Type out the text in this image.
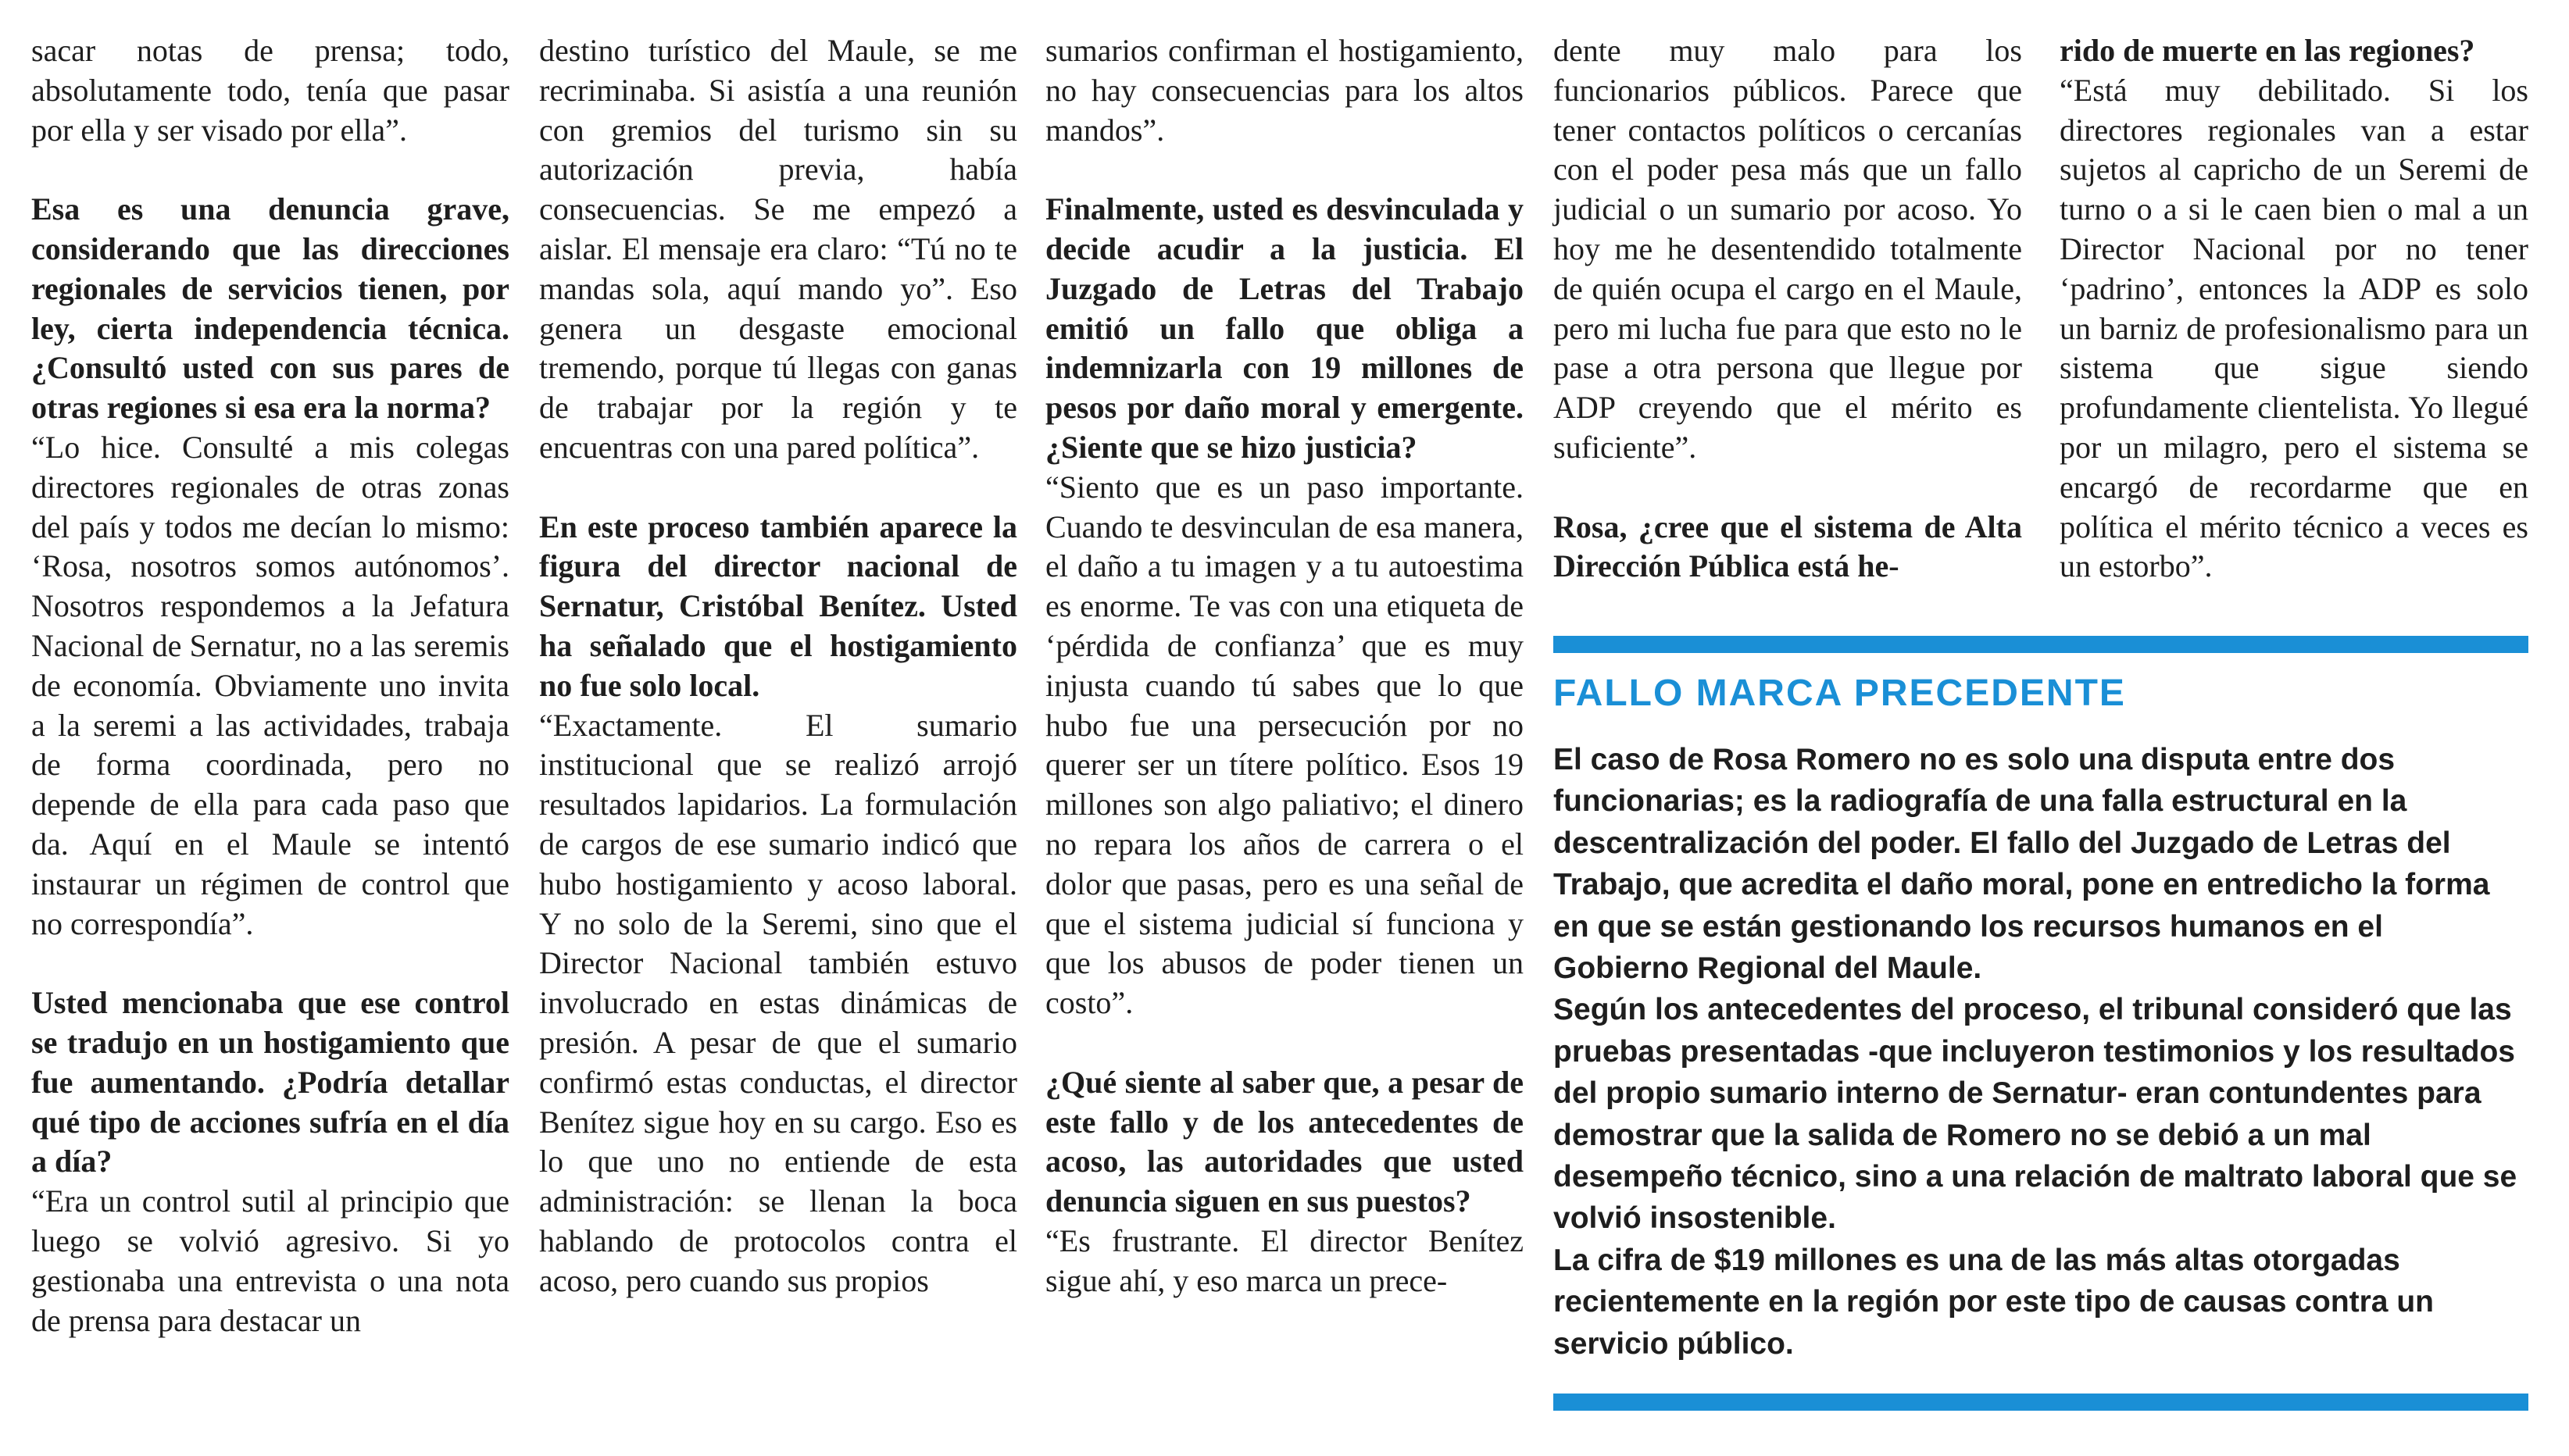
sacar notas de prensa; todo, absolutamente todo, tenía que pasar por ella y ser visado por ella”.

Esa es una denuncia grave, considerando que las direcciones regionales de servicios tienen, por ley, cierta independencia técnica. ¿Consultó usted con sus pares de otras regiones si esa era la norma?

“Lo hice. Consulté a mis colegas directores regionales de otras zonas del país y todos me decían lo mismo: ‘Rosa, nosotros somos autónomos’. Nosotros respondemos a la Jefatura Nacional de Sernatur, no a las seremis de economía. Obviamente uno invita a la seremi a las actividades, trabaja de forma coordinada, pero no depende de ella para cada paso que da. Aquí en el Maule se intentó instaurar un régimen de control que no correspondía”.

Usted mencionaba que ese control se tradujo en un hostigamiento que fue aumentando. ¿Podría detallar qué tipo de acciones sufría en el día a día?

“Era un control sutil al principio que luego se volvió agresivo. Si yo gestionaba una entrevista o una nota de prensa para destacar un

destino turístico del Maule, se me recriminaba. Si asistía a una reunión con gremios del turismo sin su autorización previa, había consecuencias. Se me empezó a aislar. El mensaje era claro: “Tú no te mandas sola, aquí mando yo”. Eso genera un desgaste emocional tremendo, porque tú llegas con ganas de trabajar por la región y te encuentras con una pared política”.

En este proceso también aparece la figura del director nacional de Sernatur, Cristóbal Benítez. Usted ha señalado que el hostigamiento no fue solo local.

“Exactamente. El sumario institucional que se realizó arrojó resultados lapidarios. La formulación de cargos de ese sumario indicó que hubo hostigamiento y acoso laboral. Y no solo de la Seremi, sino que el Director Nacional también estuvo involucrado en estas dinámicas de presión. A pesar de que el sumario confirmó estas conductas, el director Benítez sigue hoy en su cargo. Eso es lo que uno no entiende de esta administración: se llenan la boca hablando de protocolos contra el acoso, pero cuando sus propios

sumarios confirman el hostigamiento, no hay consecuencias para los altos mandos”.

Finalmente, usted es desvinculada y decide acudir a la justicia. El Juzgado de Letras del Trabajo emitió un fallo que obliga a indemnizarla con 19 millones de pesos por daño moral y emergente. ¿Siente que se hizo justicia?

“Siento que es un paso importante. Cuando te desvinculan de esa manera, el daño a tu imagen y a tu autoestima es enorme. Te vas con una etiqueta de ‘pérdida de confianza’ que es muy injusta cuando tú sabes que lo que hubo fue una persecución por no querer ser un títere político. Esos 19 millones son algo paliativo; el dinero no repara los años de carrera o el dolor que pasas, pero es una señal de que el sistema judicial sí funciona y que los abusos de poder tienen un costo”.

¿Qué siente al saber que, a pesar de este fallo y de los antecedentes de acoso, las autoridades que usted denuncia siguen en sus puestos?

“Es frustrante. El director Benítez sigue ahí, y eso marca un prece-

dente muy malo para los funcionarios públicos. Parece que tener contactos políticos o cercanías con el poder pesa más que un fallo judicial o un sumario por acoso. Yo hoy me he desentendido totalmente de quién ocupa el cargo en el Maule, pero mi lucha fue para que esto no le pase a otra persona que llegue por ADP creyendo que el mérito es suficiente”.

Rosa, ¿cree que el sistema de Alta Dirección Pública está he-

rido de muerte en las regiones?

“Está muy debilitado. Si los directores regionales van a estar sujetos al capricho de un Seremi de turno o a si le caen bien o mal a un Director Nacional por no tener ‘padrino’, entonces la ADP es solo un barniz de profesionalismo para un sistema que sigue siendo profundamente clientelista. Yo llegué por un milagro, pero el sistema se encargó de recordarme que en política el mérito técnico a veces es un estorbo”.

FALLO MARCA PRECEDENTE

El caso de Rosa Romero no es solo una disputa entre dos funcionarias; es la radiografía de una falla estructural en la descentralización del poder. El fallo del Juzgado de Letras del Trabajo, que acredita el daño moral, pone en entredicho la forma en que se están gestionando los recursos humanos en el Gobierno Regional del Maule.

Según los antecedentes del proceso, el tribunal consideró que las pruebas presentadas -que incluyeron testimonios y los resultados del propio sumario interno de Sernatur- eran contundentes para demostrar que la salida de Romero no se debió a un mal desempeño técnico, sino a una relación de maltrato laboral que se volvió insostenible.

La cifra de $19 millones es una de las más altas otorgadas recientemente en la región por este tipo de causas contra un servicio público.
